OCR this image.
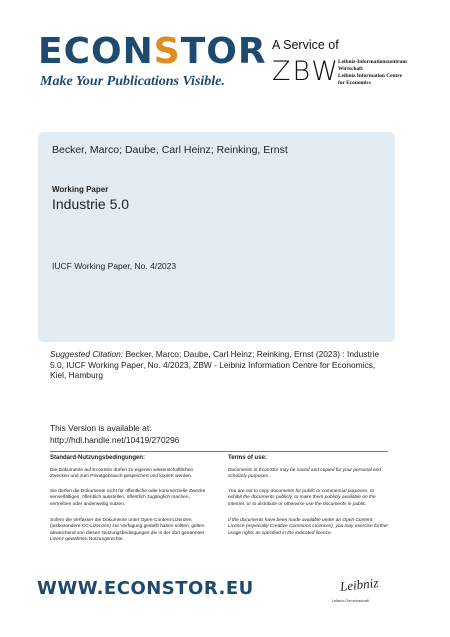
ECONSTOR
Make Your Publications Visible.
A Service of
ZBW
Leibniz-Informationszentrum
Wirtschaft
Leibniz Information Centre
for Economics
Becker, Marco; Daube, Carl Heinz; Reinking, Ernst
Working Paper
Industrie 5.0
IUCF Working Paper, No. 4/2023
Suggested Citation: Becker, Marco; Daube, Carl Heinz; Reinking, Ernst (2023) : Industrie 5.0, IUCF Working Paper, No. 4/2023, ZBW - Leibniz Information Centre for Economics, Kiel, Hamburg
This Version is available at:
http://hdl.handle.net/10419/270296
Standard-Nutzungsbedingungen:
Die Dokumente auf EconStor dürfen zu eigenen wissenschaftlichen Zwecken und zum Privatgebrauch gespeichert und kopiert werden.
Sie dürfen die Dokumente nicht für öffentliche oder kommerzielle Zwecke vervielfältigen, öffentlich ausstellen, öffentlich zugänglich machen, vertreiben oder anderweitig nutzen.
Sofern die Verfasser die Dokumente unter Open-Content-Lizenzen (insbesondere CC-Lizenzen) zur Verfügung gestellt haben sollten, gelten abweichend von diesen Nutzungsbedingungen die in der dort genannten Lizenz gewährten Nutzungsrechte.
Terms of use:
Documents in EconStor may be saved and copied for your personal and scholarly purposes.
You are not to copy documents for public or commercial purposes, to exhibit the documents publicly, to make them publicly available on the internet, or to distribute or otherwise use the documents in public.
If the documents have been made available under an Open Content Licence (especially Creative Commons Licences), you may exercise further usage rights as specified in the indicated licence.
WWW.ECONSTOR.EU	Leibniz
Leibniz-Gemeinschaft
